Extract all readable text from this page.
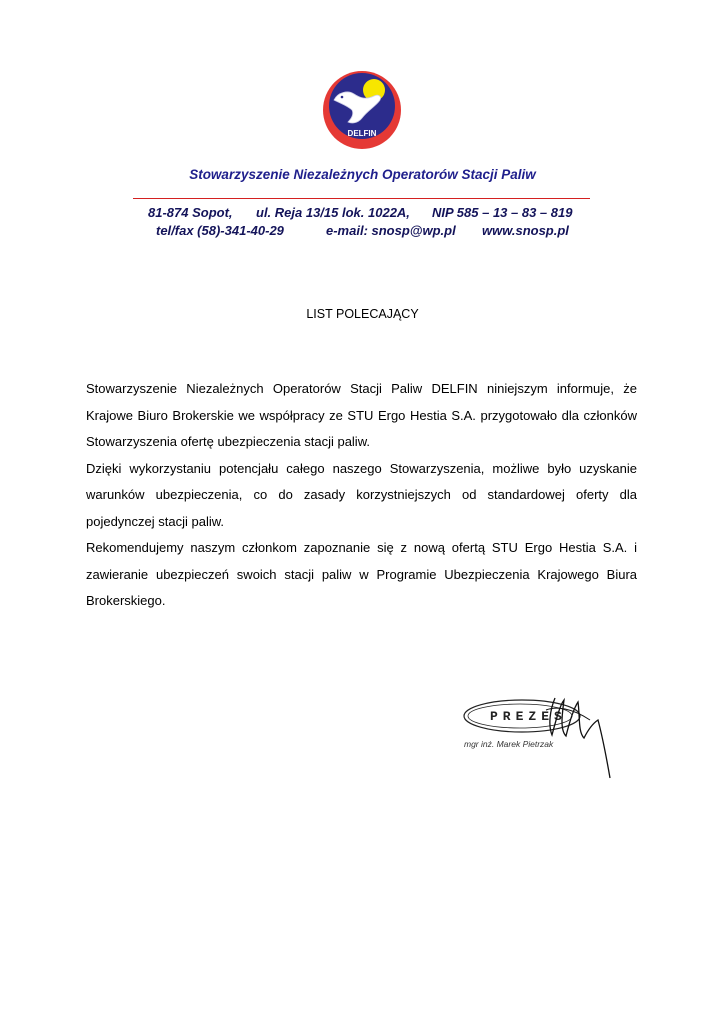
DELFIN
Stowarzyszenie Niezależnych Operatorów Stacji Paliw
81-874 Sopot, ul. Reja 13/15 lok. 1022A, NIP 585 – 13 – 83 – 819
tel/fax (58)-341-40-29	e-mail: snosp@wp.pl www.snosp.pl
LIST POLECAJĄCY

Stowarzyszenie Niezależnych Operatorów Stacji Paliw DELFIN niniejszym informuje, że Krajowe Biuro Brokerskie we współpracy ze STU Ergo Hestia S.A. przygotowało dla członków Stowarzyszenia ofertę ubezpieczenia stacji paliw.

Dzięki wykorzystaniu potencjału całego naszego Stowarzyszenia, możliwe było uzyskanie warunków ubezpieczenia, co do zasady korzystniejszych od standardowej oferty dla pojedynczej stacji paliw.

Rekomendujemy naszym członkom zapoznanie się z nową ofertą STU Ergo Hestia S.A. i zawieranie ubezpieczeń swoich stacji paliw w Programie Ubezpieczenia Krajowego Biura Brokerskiego.

PREZES
mgr inż. Marek Pietrzak
